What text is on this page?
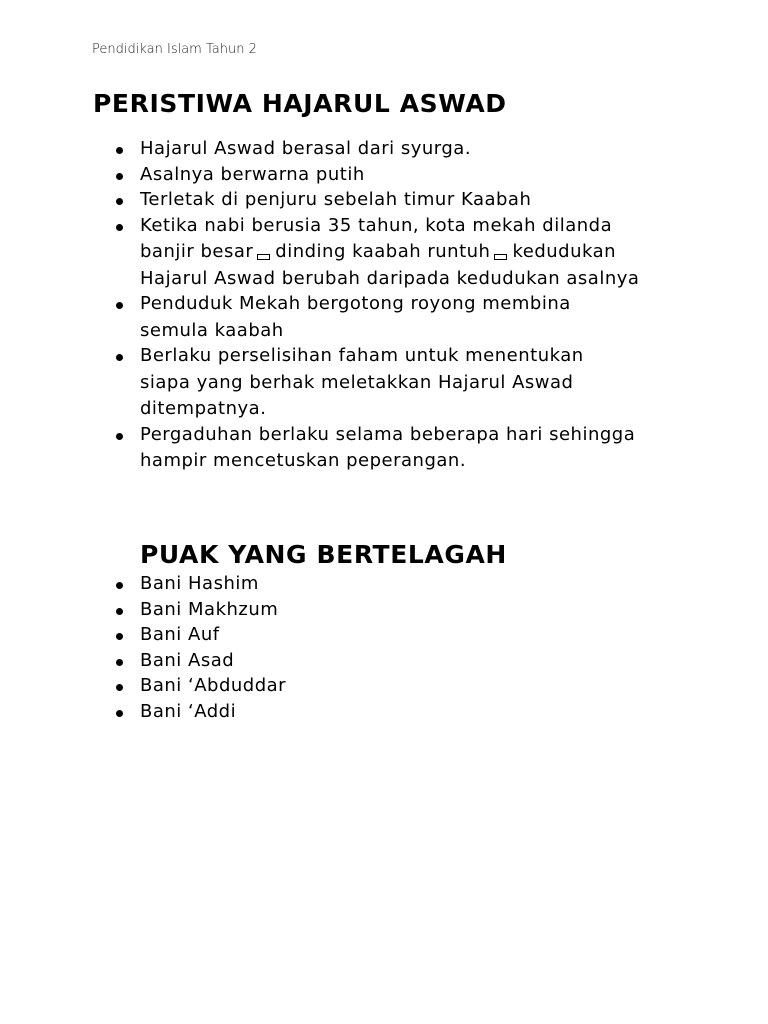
Pendidikan Islam Tahun 2
PERISTIWA HAJARUL ASWAD
Hajarul Aswad berasal dari syurga.
Asalnya berwarna putih
Terletak di penjuru sebelah timur Kaabah
Ketika nabi berusia 35 tahun, kota mekah dilanda banjir besar dinding kaabah runtuh kedudukan Hajarul Aswad berubah daripada kedudukan asalnya
Penduduk Mekah bergotong royong membina semula kaabah
Berlaku perselisihan faham untuk menentukan siapa yang berhak meletakkan Hajarul Aswad ditempatnya.
Pergaduhan berlaku selama beberapa hari sehingga hampir mencetuskan peperangan.
PUAK YANG BERTELAGAH
Bani Hashim
Bani Makhzum
Bani Auf
Bani Asad
Bani ‘Abduddar
Bani ‘Addi
